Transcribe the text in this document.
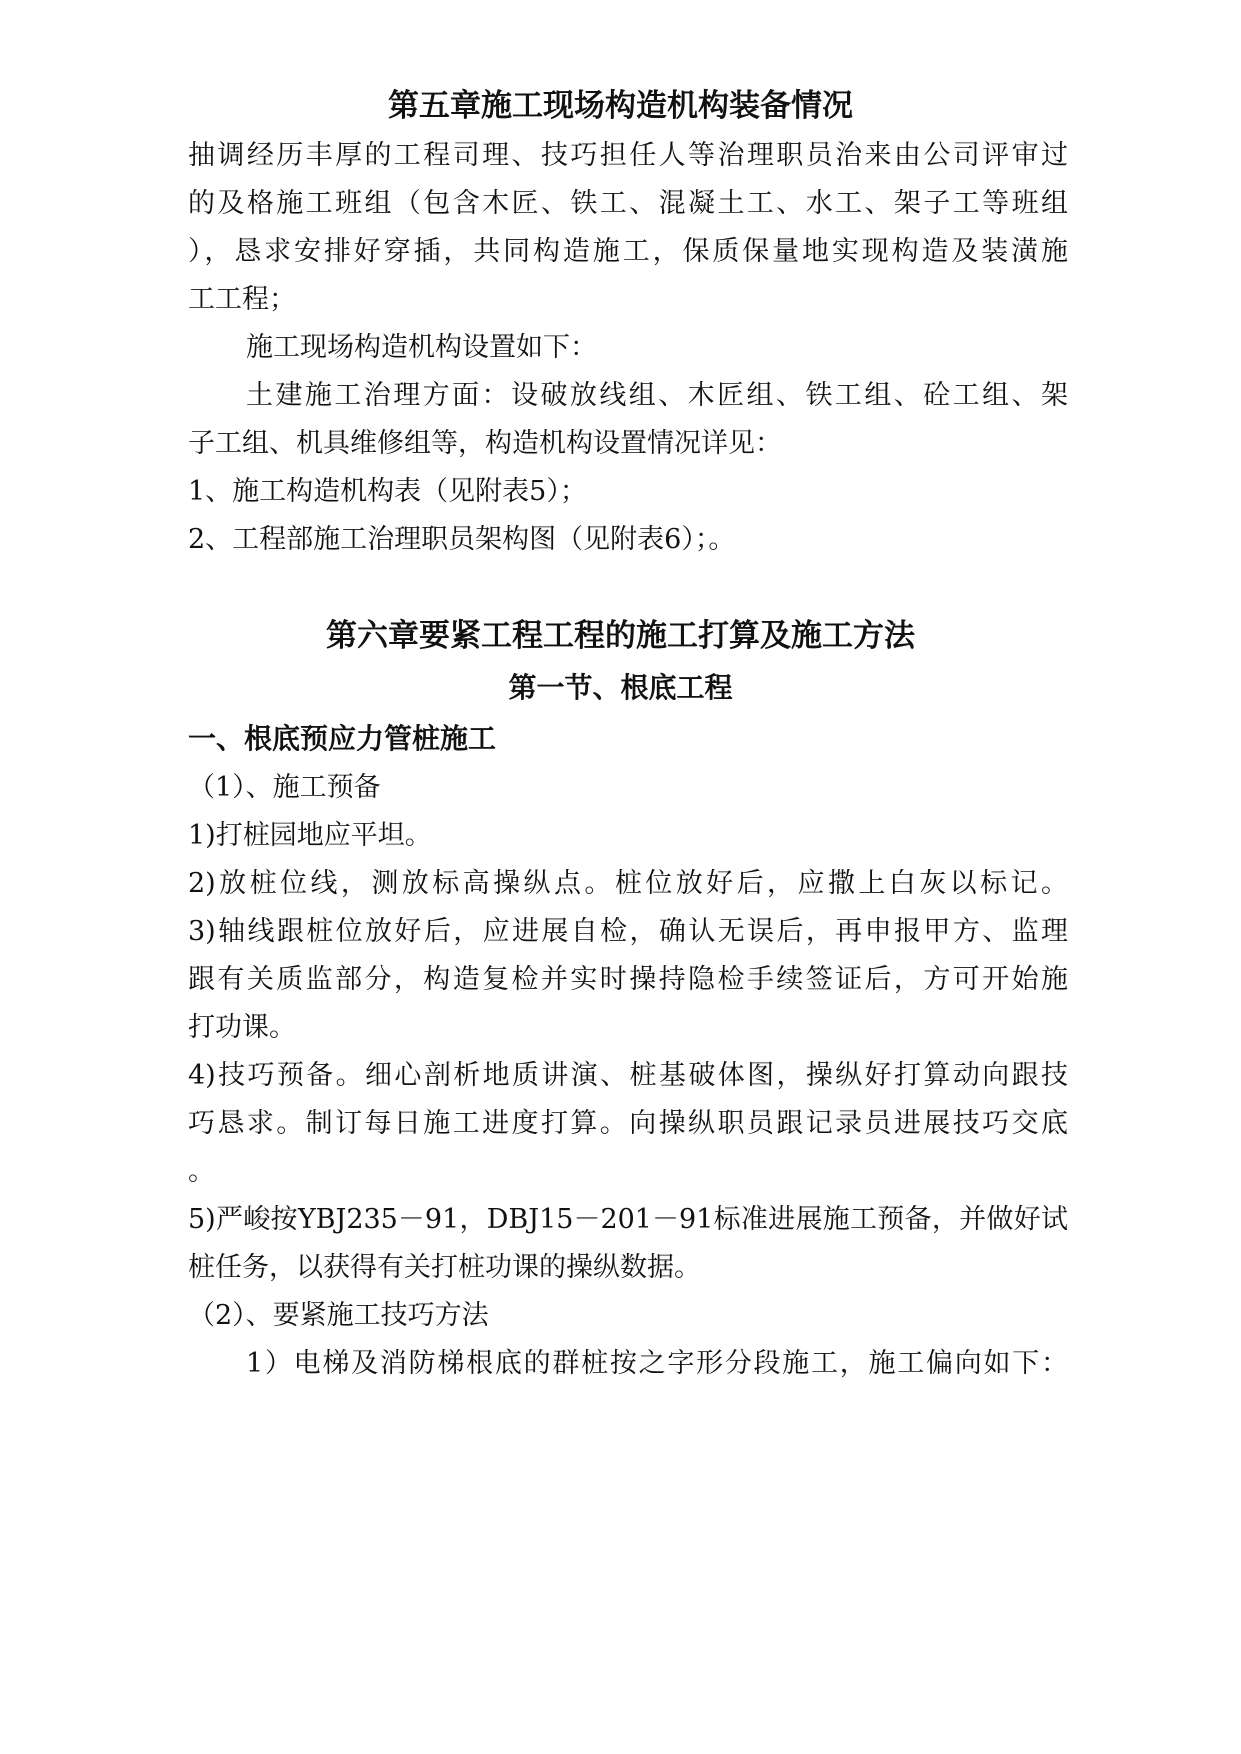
第五章施工现场构造机构装备情况
抽调经历丰厚的工程司理、技巧担任人等治理职员治来由公司评审过
的及格施工班组（包含木匠、铁工、混凝土工、水工、架子工等班组
），恳求安排好穿插，共同构造施工，保质保量地实现构造及装潢施
工工程；
施工现场构造机构设置如下：
土建施工治理方面：设破放线组、木匠组、铁工组、砼工组、架
子工组、机具维修组等，构造机构设置情况详见：
1、施工构造机构表（见附表5）；
2、工程部施工治理职员架构图（见附表6）；。
第六章要紧工程工程的施工打算及施工方法
第一节、根底工程
一、根底预应力管桩施工
（1）、施工预备
1)打桩园地应平坦。
2)放桩位线，测放标高操纵点。桩位放好后，应撒上白灰以标记。
3)轴线跟桩位放好后，应进展自检，确认无误后，再申报甲方、监理
跟有关质监部分，构造复检并实时操持隐检手续签证后，方可开始施
打功课。
4)技巧预备。细心剖析地质讲演、桩基破体图，操纵好打算动向跟技
巧恳求。制订每日施工进度打算。向操纵职员跟记录员进展技巧交底
。
5)严峻按YBJ235－91，DBJ15－201－91标准进展施工预备，并做好试
桩任务，以获得有关打桩功课的操纵数据。
（2）、要紧施工技巧方法
1）电梯及消防梯根底的群桩按之字形分段施工，施工偏向如下：
